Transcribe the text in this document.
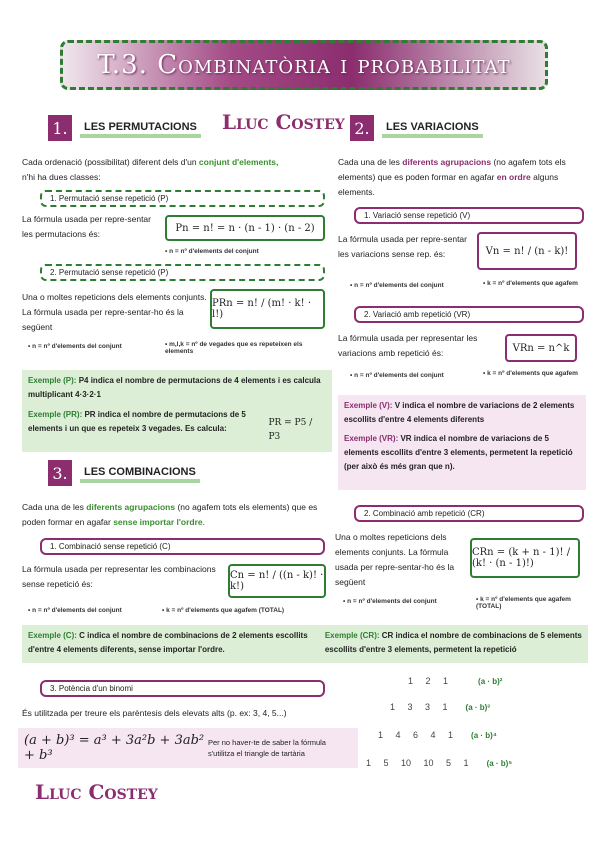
T.3. Combinatòria i probabilitat
1.	LES PERMUTACIONS Lluc Costey 2.	LES VARIACIONS
Cada ordenació (possibilitat) diferent dels d'un conjunt d'elements,
n'hi ha dues classes:
1. Permutació sense repetició (P)
La fórmula usada per repre-sentar les permutacions és:
Pn = n! = n · (n - 1) · (n - 2)
• n = nº d'elements del conjunt
2. Permutació sense repetició (P)
Una o moltes repeticions dels elements conjunts. La fórmula usada per repre-sentar-ho és la següent
PRn = n! / (m! · k! · l!)
• n = nº d'elements del conjunt	• m,l,k = nº de vegades que es repeteixen els elements
Exemple (P): P4 indica el nombre de permutacions de 4 elements i es calcula multiplicant 4·3·2·1

Exemple (PR): PR indica el nombre de permutacions de 5 elements i un que es repeteix 3 vegades. Es calcula:
PR = P5 / P3
Cada una de les diferents agrupacions (no agafem tots els elements) que es poden formar en agafar en ordre alguns elements.
1. Variació sense repetició (V)
La fórmula usada per repre-sentar les variacions sense rep. és:	Vn = n! / (n - k)!
• n = nº d'elements del conjunt	• k = nº d'elements que agafem
2. Variació amb repetició (VR)
La fórmula usada per representar les variacions amb repetició és:	VRn = n^k
• n = nº d'elements del conjunt	• k = nº d'elements que agafem
Exemple (V): V indica el nombre de variacions de 2 elements escollits d'entre 4 elements diferents

Exemple (VR): VR indica el nombre de variacions de 5 elements escollits d'entre 3 elements, permetent la repetició (per això és més gran que n).
3.	LES COMBINACIONS
Cada una de les diferents agrupacions (no agafem tots els elements) que es poden formar en agafar sense importar l'ordre.
1. Combinació sense repetició (C)
La fórmula usada per representar les combinacions sense repetició és:
Cn = n! / ((n - k)! · k!)
• n = nº d'elements del conjunt	• k = nº d'elements que agafem (TOTAL)
2. Combinació amb repetició (CR)
Una o moltes repeticions dels elements conjunts. La fórmula usada per repre-sentar-ho és la següent
CRn = (k + n - 1)! / (k! · (n - 1)!)
• n = nº d'elements del conjunt	• k = nº d'elements que agafem (TOTAL)
Exemple (C): C indica el nombre de combinacions de 2 elements escollits d'entre 4 elements diferents, sense importar l'ordre.
Exemple (CR): CR indica el nombre de combinacions de 5 elements escollits d'entre 3 elements, permetent la repetició
3. Potència d'un binomi
És utilitzada per treure els parèntesis dels elevats alts (p. ex: 3, 4, 5...)
(a + b)³ = a³ + 3a²b + 3ab² + b³
Per no haver-te de saber la fórmula s'utilitza el triangle de tartària
1     2     1	(a · b)²
1     3     3     1 (a · b)³
1     4     6     4     1 (a · b)⁴
1     5     10     10     5     1 (a · b)⁵
Lluc Costey
